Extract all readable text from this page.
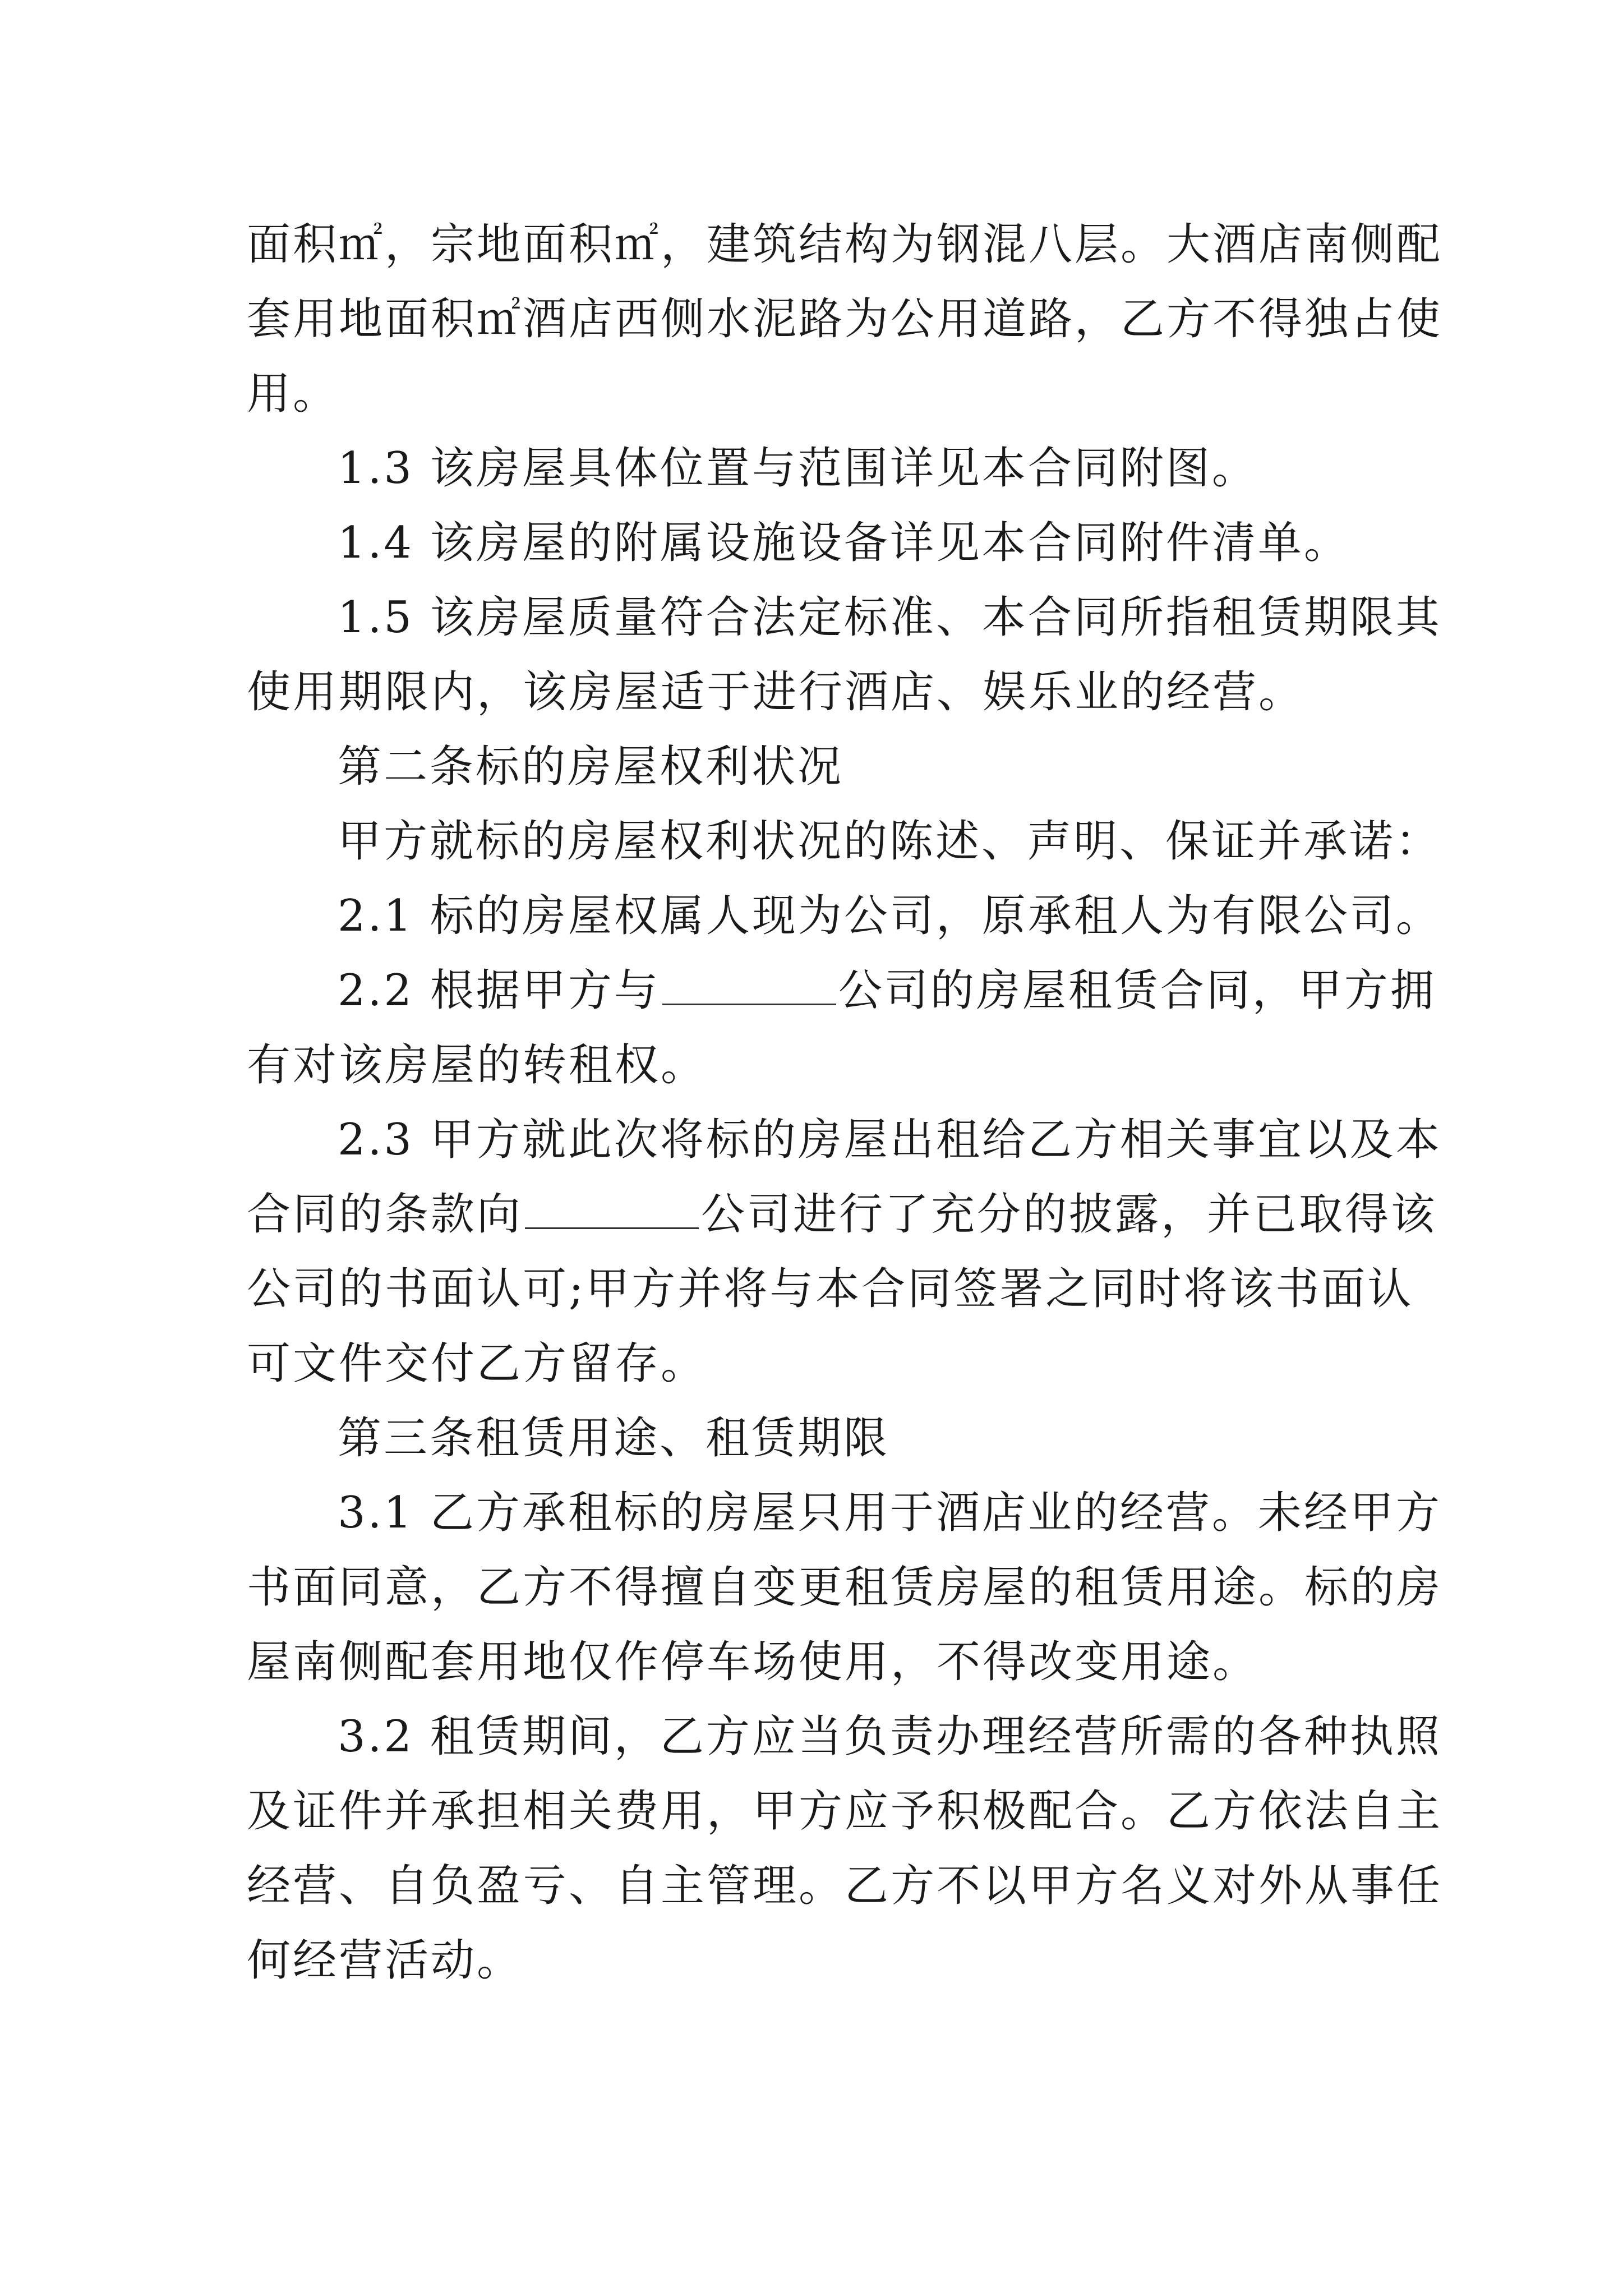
面积㎡，宗地面积㎡，建筑结构为钢混八层。大酒店南侧配

套用地面积㎡酒店西侧水泥路为公用道路，乙方不得独占使

用。

1.3 该房屋具体位置与范围详见本合同附图。

1.4 该房屋的附属设施设备详见本合同附件清单。

1.5 该房屋质量符合法定标准、本合同所指租赁期限其

使用期限内，该房屋适于进行酒店、娱乐业的经营。

第二条标的房屋权利状况

甲方就标的房屋权利状况的陈述、声明、保证并承诺：

2.1 标的房屋权属人现为公司，原承租人为有限公司。

2.2 根据甲方与	公司的房屋租赁合同，甲方拥

有对该房屋的转租权。

2.3 甲方就此次将标的房屋出租给乙方相关事宜以及本

合同的条款向	公司进行了充分的披露，并已取得该

公司的书面认可;甲方并将与本合同签署之同时将该书面认

可文件交付乙方留存。

第三条租赁用途、租赁期限

3.1 乙方承租标的房屋只用于酒店业的经营。未经甲方

书面同意，乙方不得擅自变更租赁房屋的租赁用途。标的房

屋南侧配套用地仅作停车场使用，不得改变用途。

3.2 租赁期间，乙方应当负责办理经营所需的各种执照

及证件并承担相关费用，甲方应予积极配合。乙方依法自主

经营、自负盈亏、自主管理。乙方不以甲方名义对外从事任

何经营活动。
